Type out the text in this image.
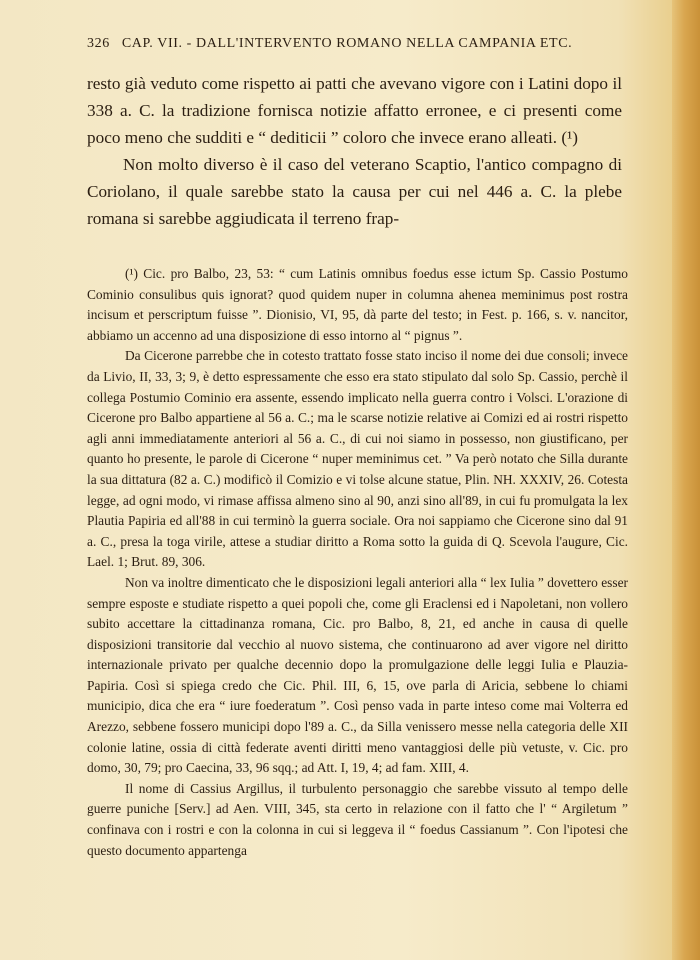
326 CAP. VII. - DALL'INTERVENTO ROMANO NELLA CAMPANIA ETC.

resto già veduto come rispetto ai patti che avevano vigore con i Latini dopo il 338 a. C. la tradizione fornisca notizie affatto erronee, e ci presenti come poco meno che sudditi e “ dediticii ” coloro che invece erano alleati. (¹)

Non molto diverso è il caso del veterano Scaptio, l'antico compagno di Coriolano, il quale sarebbe stato la causa per cui nel 446 a. C. la plebe romana si sarebbe aggiudicata il terreno frap-

(¹) Cic. pro Balbo, 23, 53: “ cum Latinis omnibus foedus esse ictum Sp. Cassio Postumo Cominio consulibus quis ignorat? quod quidem nuper in columna ahenea meminimus post rostra incisum et perscriptum fuisse ”. Dionisio, VI, 95, dà parte del testo; in Fest. p. 166, s. v. nancitor, abbiamo un accenno ad una disposizione di esso intorno al “ pignus ”.

Da Cicerone parrebbe che in cotesto trattato fosse stato inciso il nome dei due consoli; invece da Livio, II, 33, 3; 9, è detto espressamente che esso era stato stipulato dal solo Sp. Cassio, perchè il collega Postumio Cominio era assente, essendo implicato nella guerra contro i Volsci. L'orazione di Cicerone pro Balbo appartiene al 56 a. C.; ma le scarse notizie relative ai Comizi ed ai rostri rispetto agli anni immediatamente anteriori al 56 a. C., di cui noi siamo in possesso, non giustificano, per quanto ho presente, le parole di Cicerone “ nuper meminimus cet. ” Va però notato che Silla durante la sua dittatura (82 a. C.) modificò il Comizio e vi tolse alcune statue, Plin. NH. XXXIV, 26. Cotesta legge, ad ogni modo, vi rimase affissa almeno sino al 90, anzi sino all'89, in cui fu promulgata la lex Plautia Papiria ed all'88 in cui terminò la guerra sociale. Ora noi sappiamo che Cicerone sino dal 91 a. C., presa la toga virile, attese a studiar diritto a Roma sotto la guida di Q. Scevola l'augure, Cic. Lael. 1; Brut. 89, 306.

Non va inoltre dimenticato che le disposizioni legali anteriori alla “ lex Iulia ” dovettero esser sempre esposte e studiate rispetto a quei popoli che, come gli Eraclensi ed i Napoletani, non vollero subito accettare la cittadinanza romana, Cic. pro Balbo, 8, 21, ed anche in causa di quelle disposizioni transitorie dal vecchio al nuovo sistema, che continuarono ad aver vigore nel diritto internazionale privato per qualche decennio dopo la promulgazione delle leggi Iulia e Plauzia-Papiria. Così si spiega credo che Cic. Phil. III, 6, 15, ove parla di Aricia, sebbene lo chiami municipio, dica che era “ iure foederatum ”. Così penso vada in parte inteso come mai Volterra ed Arezzo, sebbene fossero municipi dopo l'89 a. C., da Silla venissero messe nella categoria delle XII colonie latine, ossia di città federate aventi diritti meno vantaggiosi delle più vetuste, v. Cic. pro domo, 30, 79; pro Caecina, 33, 96 sqq.; ad Att. I, 19, 4; ad fam. XIII, 4.

Il nome di Cassius Argillus, il turbulento personaggio che sarebbe vissuto al tempo delle guerre puniche [Serv.] ad Aen. VIII, 345, sta certo in relazione con il fatto che l' “ Argiletum ” confinava con i rostri e con la colonna in cui si leggeva il “ foedus Cassianum ”. Con l'ipotesi che questo documento appartenga
